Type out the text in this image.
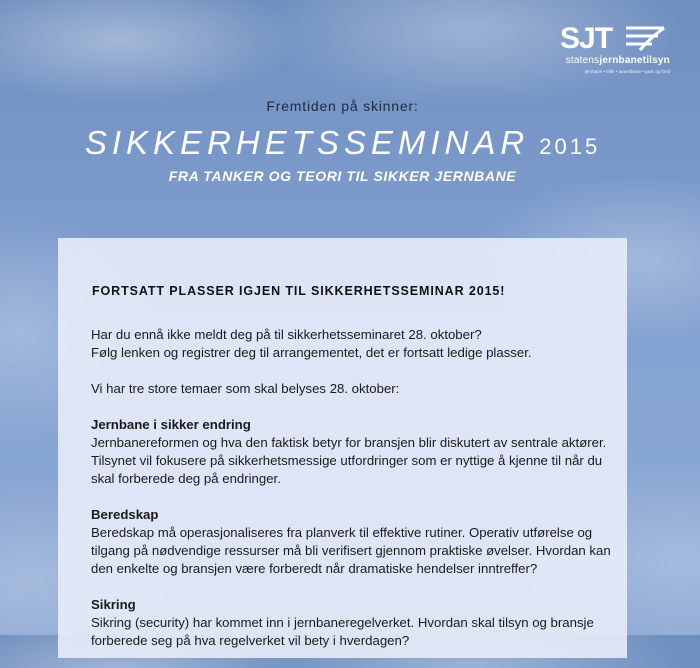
SJT
statensjernbanetilsyn
jernbane • trikk • tunnelbane • park og fond
Fremtiden på skinner:
SIKKERHETSSEMINAR 2015
FRA TANKER OG TEORI TIL SIKKER JERNBANE
FORTSATT PLASSER IGJEN TIL SIKKERHETSSEMINAR 2015!

Har du ennå ikke meldt deg på til sikkerhetsseminaret 28. oktober?
Følg lenken og registrer deg til arrangementet, det er fortsatt ledige plasser.

Vi har tre store temaer som skal belyses 28. oktober:

Jernbane i sikker endring
Jernbanereformen og hva den faktisk betyr for bransjen blir diskutert av sentrale aktører. Tilsynet vil fokusere på sikkerhetsmessige utfordringer som er nyttige å kjenne til når du skal forberede deg på endringer.

Beredskap
Beredskap må operasjonaliseres fra planverk til effektive rutiner. Operativ utførelse og tilgang på nødvendige ressurser må bli verifisert gjennom praktiske øvelser. Hvordan kan den enkelte og bransjen være forberedt når dramatiske hendelser inntreffer?

Sikring
Sikring (security) har kommet inn i jernbaneregelverket. Hvordan skal tilsyn og bransje forberede seg på hva regelverket vil bety i hverdagen?
